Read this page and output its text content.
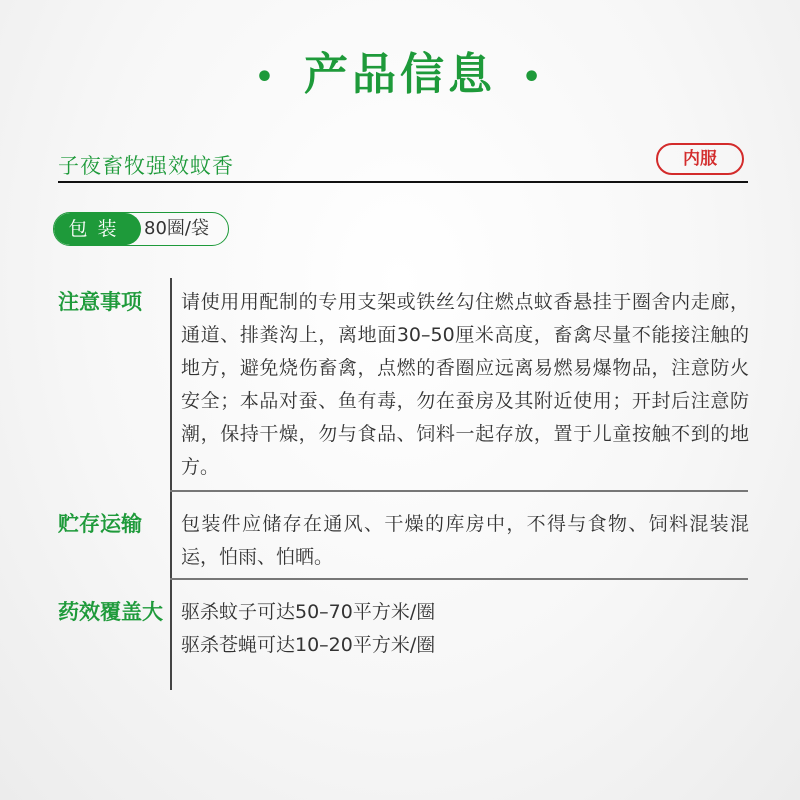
• 产品信息 •
子夜畜牧强效蚊香	内服
包装 80圈/袋
注意事项 请使用用配制的专用支架或铁丝勾住燃点蚊香悬挂于圈舍内走廊，通道、排粪沟上，离地面30–50厘米高度，畜禽尽量不能接注触的地方，避免烧伤畜禽，点燃的香圈应远离易燃易爆物品，注意防火安全；本品对蚕、鱼有毒，勿在蚕房及其附近使用；开封后注意防潮，保持干燥，勿与食品、饲料一起存放，置于儿童按触不到的地方。
贮存运输 包装件应储存在通风、干燥的库房中，不得与食物、饲料混装混运，怕雨、怕晒。
药效覆盖大 驱杀蚊子可达50–70平方米/圈
驱杀苍蝇可达10–20平方米/圈
